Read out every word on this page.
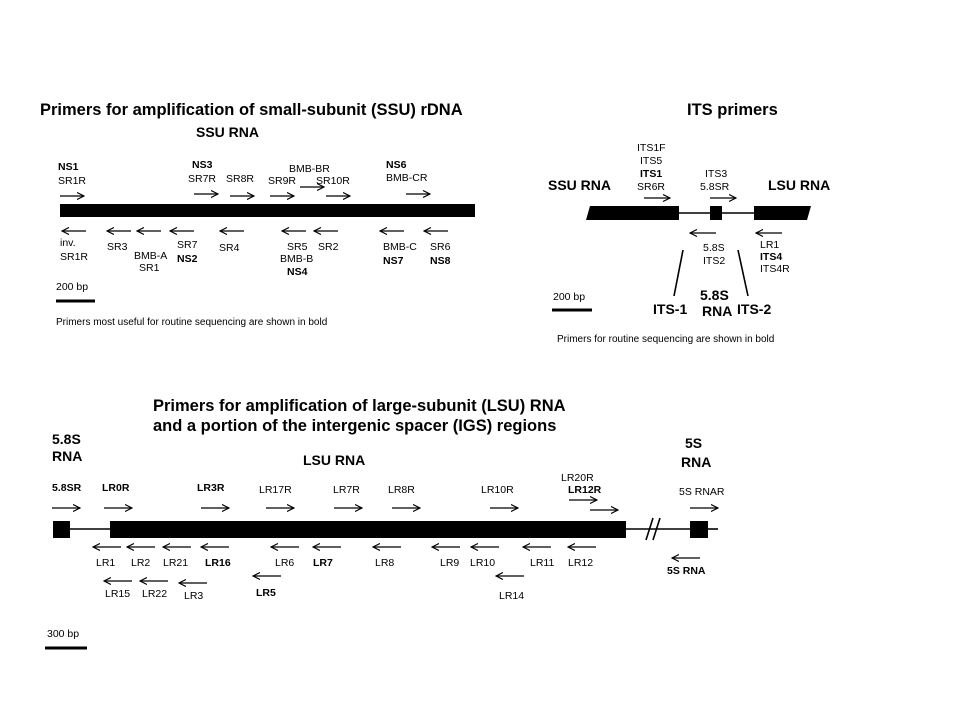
Primers for amplification of small-subunit (SSU) rDNA
SSU RNA
NS1
SR1R
NS3
SR7R SR8R
BMB-BR
SR9R SR10R
NS6
BMB-CR
inv.
SR1R
SR3
BMB-A
SR1
SR7
NS2
SR4	SR5
BMB-B
NS4
SR2	BMB-C
NS7
SR6
NS8
200 bp
Primers most useful for routine sequencing are shown in bold
ITS primers
ITS1F
ITS5
ITS1
SR6R
ITS3
5.8SR
SSU RNA	LSU RNA
5.8S
ITS2
LR1
ITS4
ITS4R
ITS-1
5.8S
RNA ITS-2
200 bp
Primers for routine sequencing are shown in bold
Primers for amplification of large-subunit (LSU) RNA
and a portion of the intergenic spacer (IGS) regions
5.8S
RNA	LSU RNA
5S
RNA
5.8SR LR0R	LR3R	LR17R	LR7R	LR8R	LR10R
LR20R
LR12R	5S RNAR
LR1 LR2 LR21 LR16	LR6 LR7	LR8	LR9 LR10	LR11 LR12
5S RNA
LR15 LR22 LR3	LR5	LR14
300 bp
